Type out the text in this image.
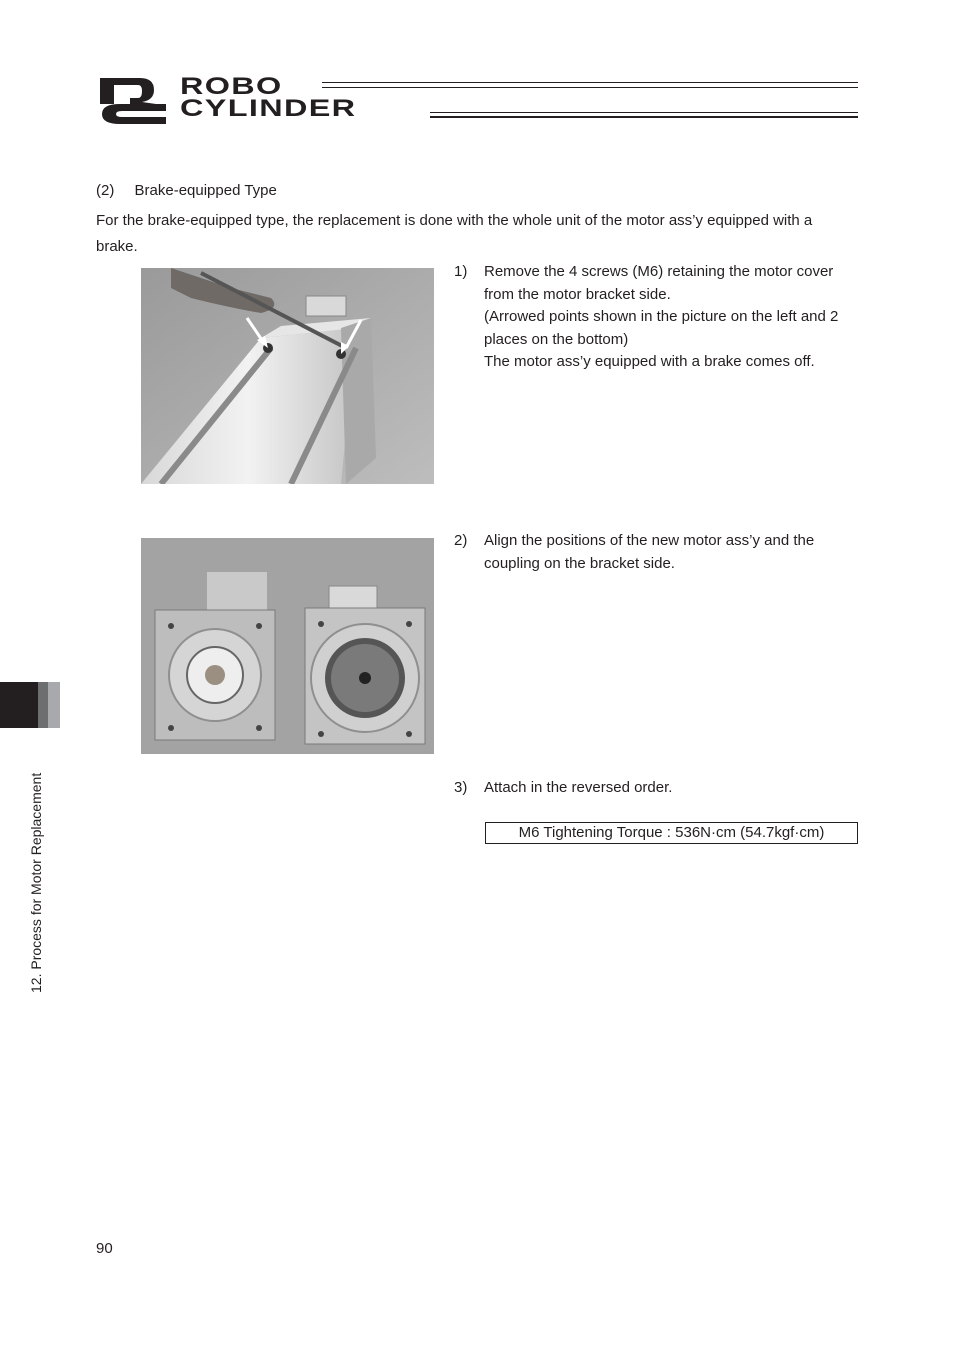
ROBO
CYLINDER
(2) Brake-equipped Type
For the brake-equipped type, the replacement is done with the whole unit of the motor ass’y equipped with a brake.
1) Remove the 4 screws (M6) retaining the motor cover from the motor bracket side.
(Arrowed points shown in the picture on the left and 2 places on the bottom)
The motor ass’y equipped with a brake comes off.
2) Align the positions of the new motor ass’y and the coupling on the bracket side.
3) Attach in the reversed order.
M6 Tightening Torque : 536N·cm (54.7kgf·cm)
12. Process for Motor Replacement
90
